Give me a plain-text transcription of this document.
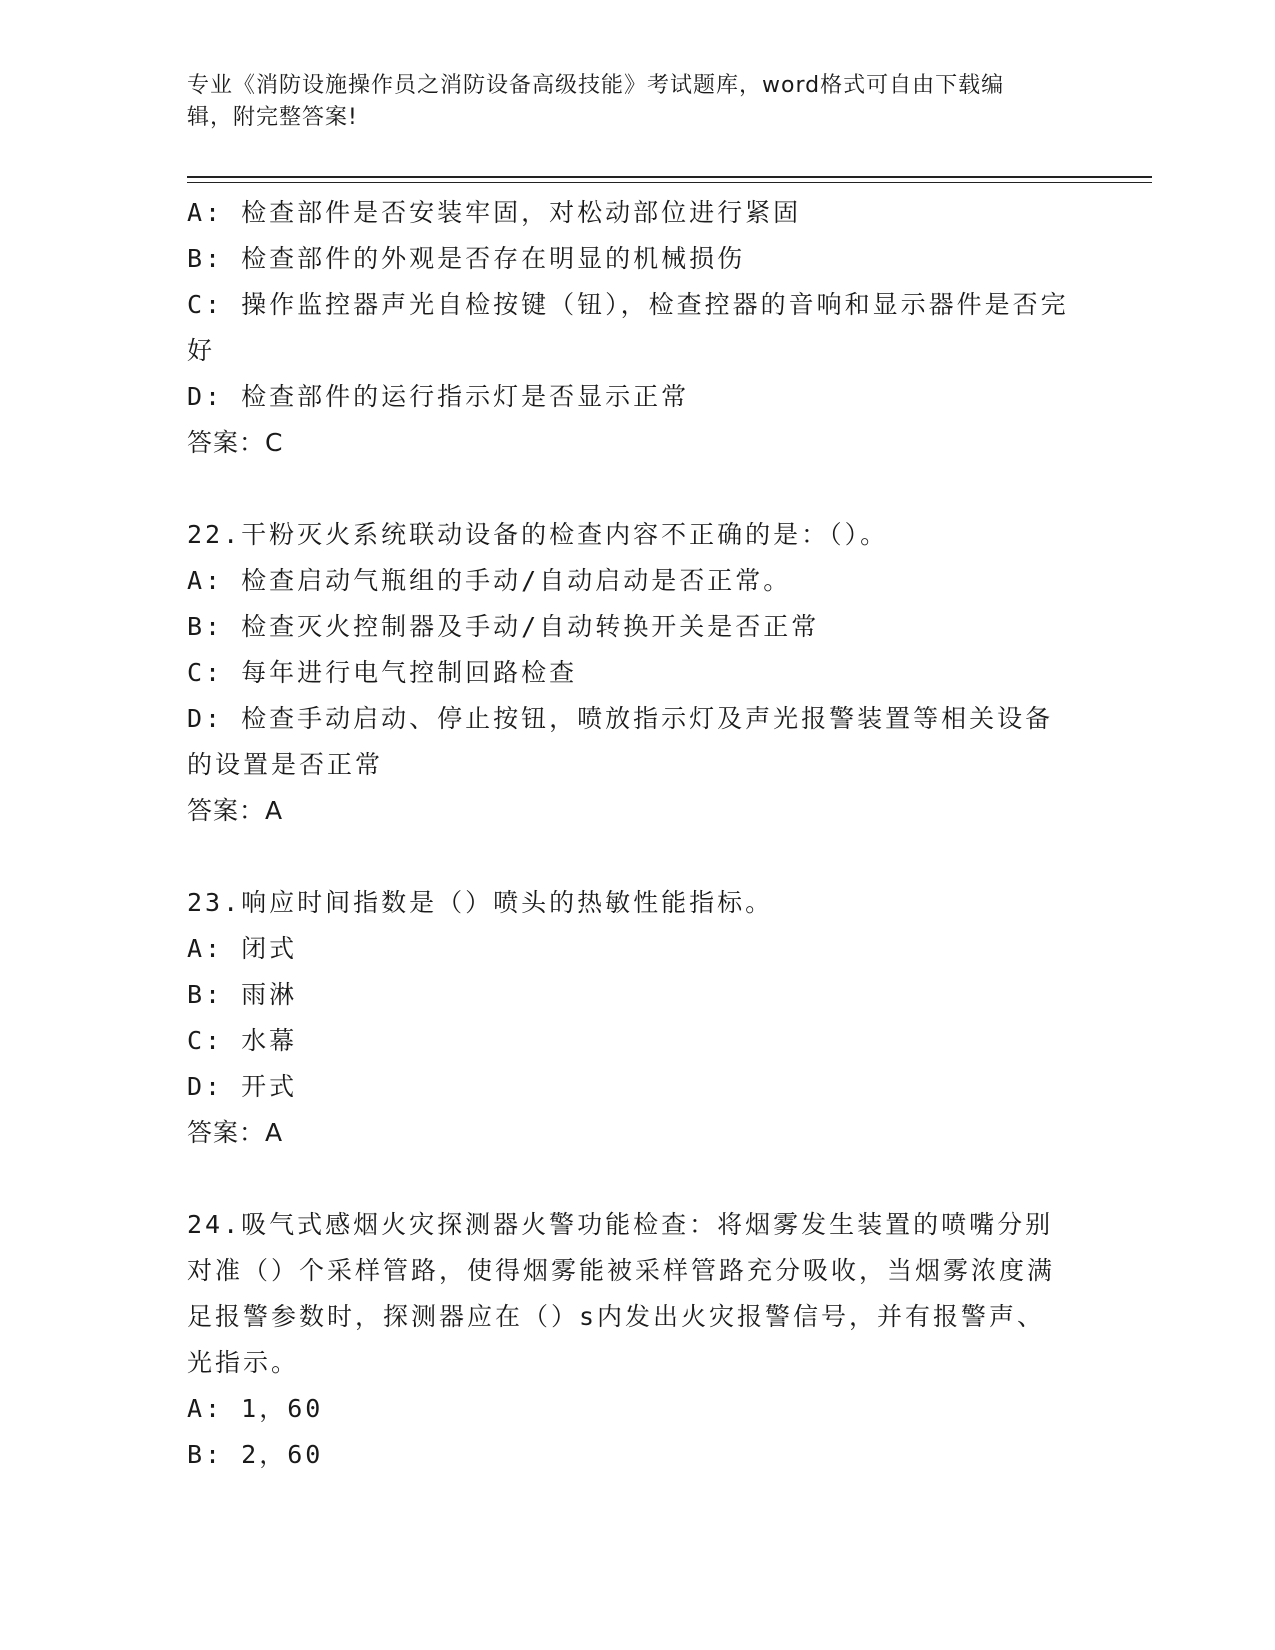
专业《消防设施操作员之消防设备高级技能》考试题库，word格式可自由下载编
辑，附完整答案!

A: 检查部件是否安装牢固，对松动部位进行紧固

B: 检查部件的外观是否存在明显的机械损伤

C: 操作监控器声光自检按键（钮），检查控器的音响和显示器件是否完好

D: 检查部件的运行指示灯是否显示正常

答案：C

22.干粉灭火系统联动设备的检查内容不正确的是：（）。

A: 检查启动气瓶组的手动/自动启动是否正常。

B: 检查灭火控制器及手动/自动转换开关是否正常

C: 每年进行电气控制回路检查

D: 检查手动启动、停止按钮，喷放指示灯及声光报警装置等相关设备的设置是否正常

答案：A

23.响应时间指数是（）喷头的热敏性能指标。

A: 闭式

B: 雨淋

C: 水幕

D: 开式

答案：A

24.吸气式感烟火灾探测器火警功能检查：将烟雾发生装置的喷嘴分别对准（）个采样管路，使得烟雾能被采样管路充分吸收，当烟雾浓度满足报警参数时，探测器应在（）s内发出火灾报警信号，并有报警声、光指示。

A: 1，60

B: 2，60
